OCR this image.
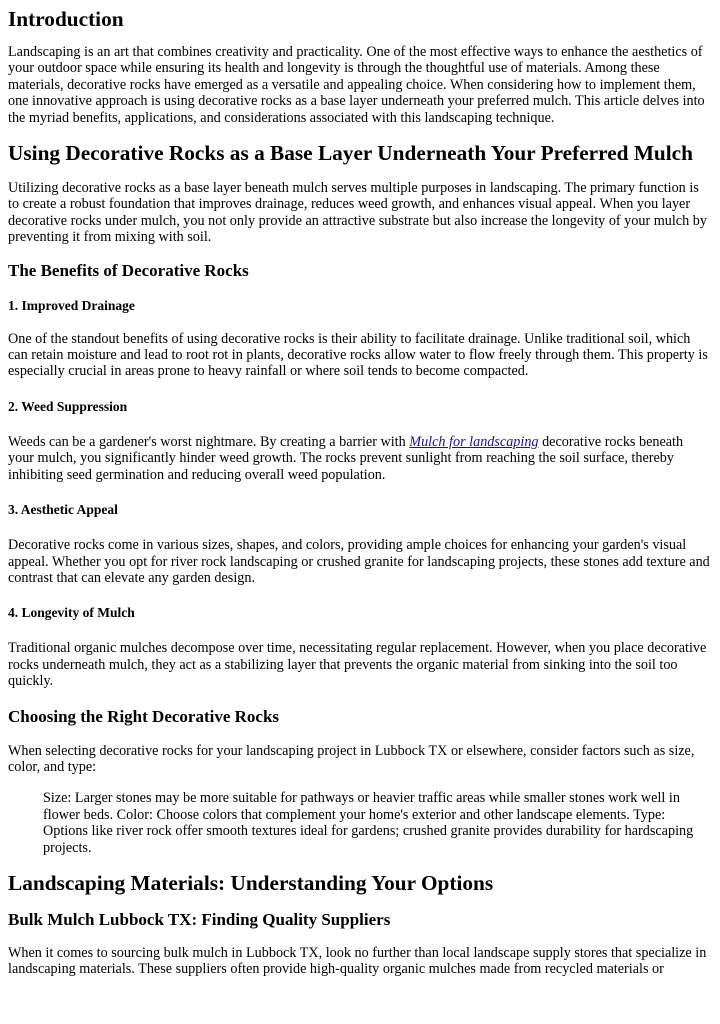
Introduction

Landscaping is an art that combines creativity and practicality. One of the most effective ways to enhance the aesthetics of your outdoor space while ensuring its health and longevity is through the thoughtful use of materials. Among these materials, decorative rocks have emerged as a versatile and appealing choice. When considering how to implement them, one innovative approach is using decorative rocks as a base layer underneath your preferred mulch. This article delves into the myriad benefits, applications, and considerations associated with this landscaping technique.

Using Decorative Rocks as a Base Layer Underneath Your Preferred Mulch

Utilizing decorative rocks as a base layer beneath mulch serves multiple purposes in landscaping. The primary function is to create a robust foundation that improves drainage, reduces weed growth, and enhances visual appeal. When you layer decorative rocks under mulch, you not only provide an attractive substrate but also increase the longevity of your mulch by preventing it from mixing with soil.

The Benefits of Decorative Rocks
1. Improved Drainage

One of the standout benefits of using decorative rocks is their ability to facilitate drainage. Unlike traditional soil, which can retain moisture and lead to root rot in plants, decorative rocks allow water to flow freely through them. This property is especially crucial in areas prone to heavy rainfall or where soil tends to become compacted.

2. Weed Suppression

Weeds can be a gardener's worst nightmare. By creating a barrier with Mulch for landscaping decorative rocks beneath your mulch, you significantly hinder weed growth. The rocks prevent sunlight from reaching the soil surface, thereby inhibiting seed germination and reducing overall weed population.

3. Aesthetic Appeal

Decorative rocks come in various sizes, shapes, and colors, providing ample choices for enhancing your garden's visual appeal. Whether you opt for river rock landscaping or crushed granite for landscaping projects, these stones add texture and contrast that can elevate any garden design.

4. Longevity of Mulch

Traditional organic mulches decompose over time, necessitating regular replacement. However, when you place decorative rocks underneath mulch, they act as a stabilizing layer that prevents the organic material from sinking into the soil too quickly.

Choosing the Right Decorative Rocks

When selecting decorative rocks for your landscaping project in Lubbock TX or elsewhere, consider factors such as size, color, and type:

Size: Larger stones may be more suitable for pathways or heavier traffic areas while smaller stones work well in flower beds. Color: Choose colors that complement your home's exterior and other landscape elements. Type: Options like river rock offer smooth textures ideal for gardens; crushed granite provides durability for hardscaping projects.
Landscaping Materials: Understanding Your Options
Bulk Mulch Lubbock TX: Finding Quality Suppliers

When it comes to sourcing bulk mulch in Lubbock TX, look no further than local landscape supply stores that specialize in landscaping materials. These suppliers often provide high-quality organic mulches made from recycled materials or
